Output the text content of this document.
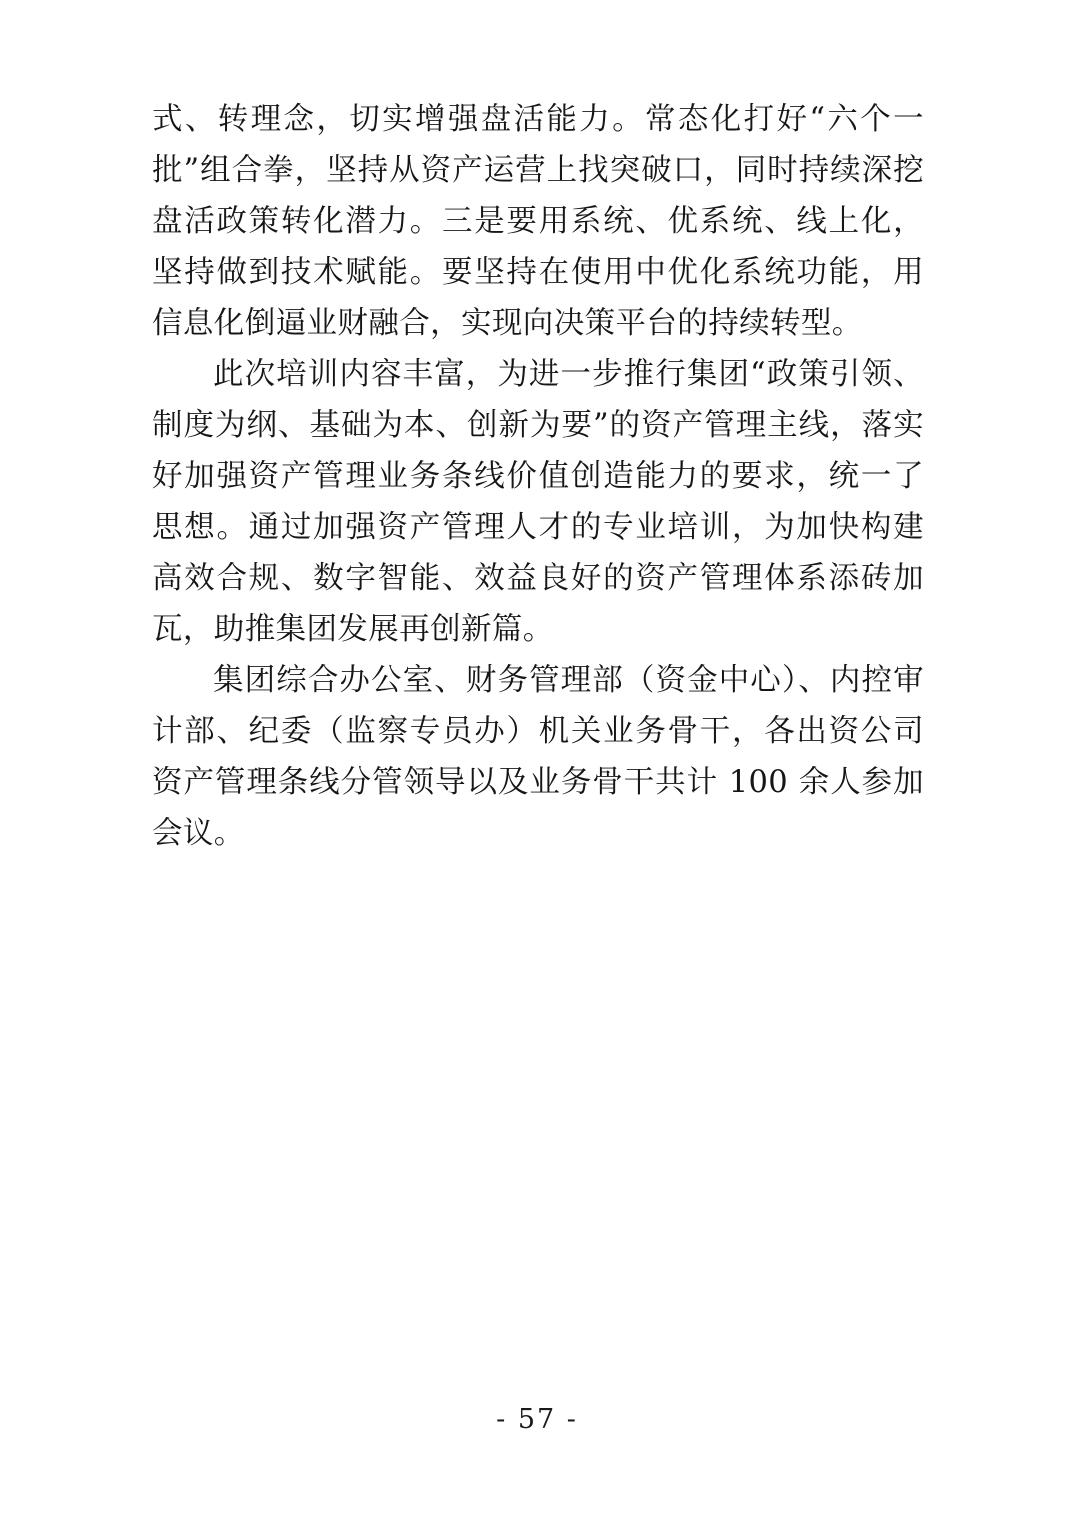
式、转理念，切实增强盘活能力。常态化打好“六个一批”组合拳，坚持从资产运营上找突破口，同时持续深挖盘活政策转化潜力。三是要用系统、优系统、线上化，坚持做到技术赋能。要坚持在使用中优化系统功能，用信息化倒逼业财融合，实现向决策平台的持续转型。

此次培训内容丰富，为进一步推行集团“政策引领、制度为纲、基础为本、创新为要”的资产管理主线，落实好加强资产管理业务条线价值创造能力的要求，统一了思想。通过加强资产管理人才的专业培训，为加快构建高效合规、数字智能、效益良好的资产管理体系添砖加瓦，助推集团发展再创新篇。

集团综合办公室、财务管理部（资金中心）、内控审计部、纪委（监察专员办）机关业务骨干，各出资公司资产管理条线分管领导以及业务骨干共计 100 余人参加会议。

- 57 -
